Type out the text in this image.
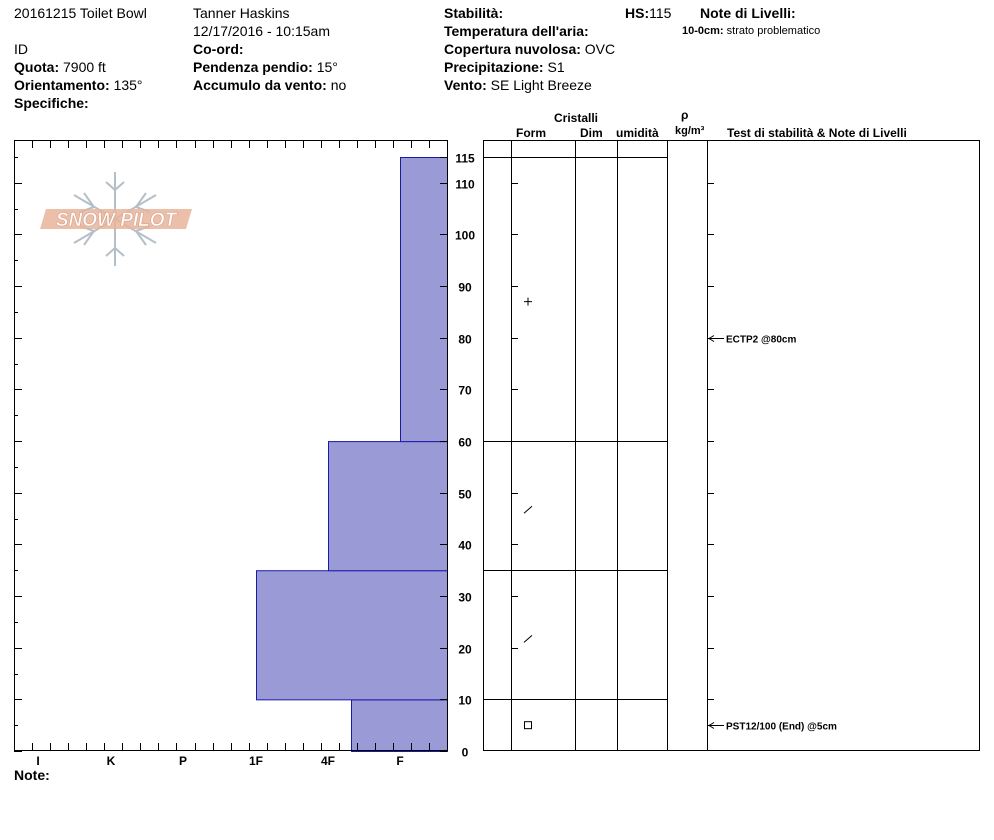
20161215 Toilet Bowl
ID
Quota: 7900 ft
Orientamento: 135°
Specifiche:
Tanner Haskins
12/17/2016 - 10:15am
Co-ord:
Pendenza pendio: 15°
Accumulo da vento: no
Stabilità:
Temperatura dell'aria:
Copertura nuvolosa: OVC
Precipitazione: S1
Vento: SE Light Breeze
HS:115 Note di Livelli:
10-0cm: strato problematico
Cristalli
Form	Dim umidità
ρ
kg/m³ Test di stabilità & Note di Livelli
Note:
SNOW PILOT
I	K	P	1F	4F	F
0
10
20
30
40
50
60
70
80
90
100
110
115
ECTP2 @80cm
PST12/100 (End) @5cm
